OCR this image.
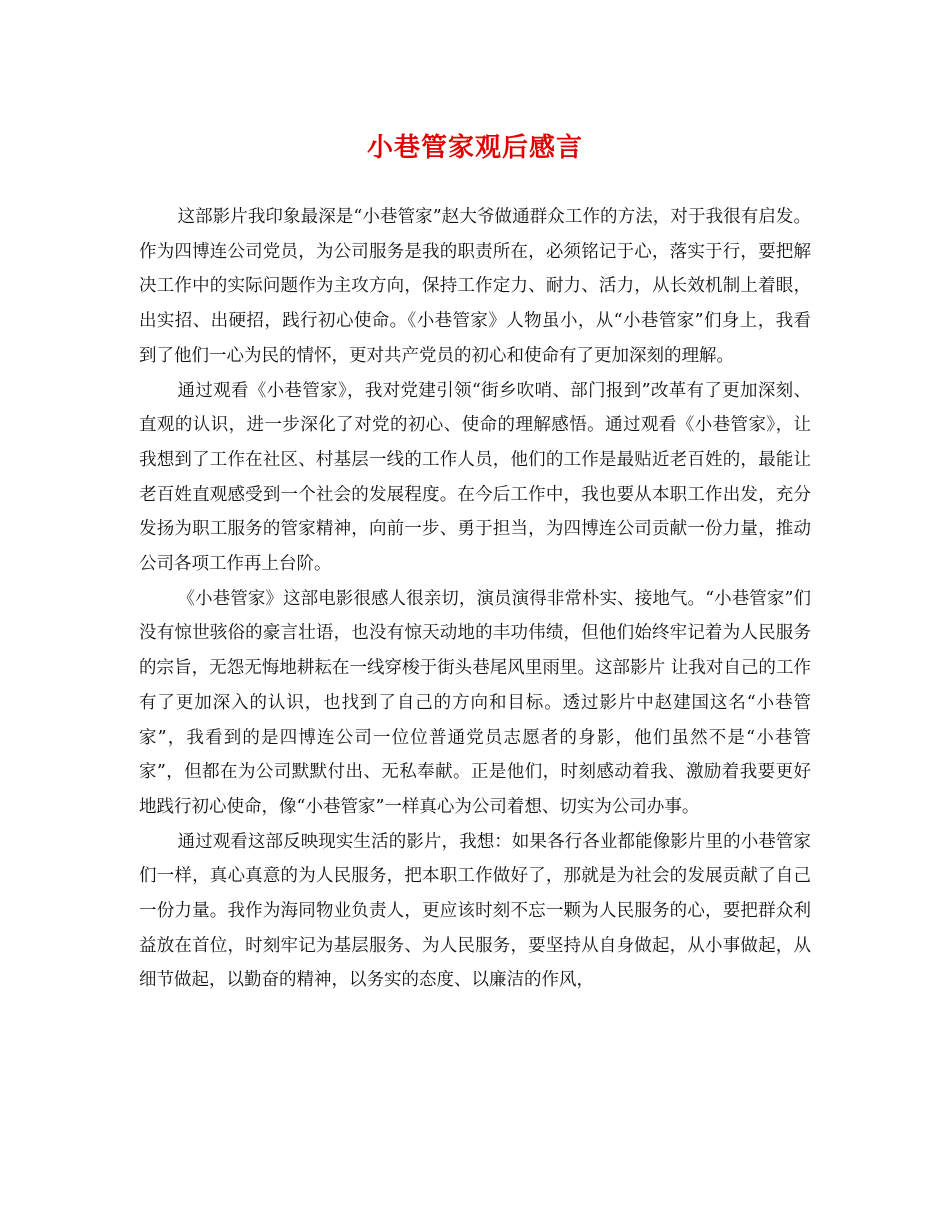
小巷管家观后感言

这部影片我印象最深是“小巷管家”赵大爷做通群众工作的方法，对于我很有启发。作为四博连公司党员，为公司服务是我的职责所在，必须铭记于心，落实于行，要把解决工作中的实际问题作为主攻方向，保持工作定力、耐力、活力，从长效机制上着眼，出实招、出硬招，践行初心使命。《小巷管家》人物虽小，从“小巷管家”们身上，我看到了他们一心为民的情怀，更对共产党员的初心和使命有了更加深刻的理解。

通过观看《小巷管家》，我对党建引领“街乡吹哨、部门报到”改革有了更加深刻、直观的认识，进一步深化了对党的初心、使命的理解感悟。通过观看《小巷管家》，让我想到了工作在社区、村基层一线的工作人员，他们的工作是最贴近老百姓的，最能让老百姓直观感受到一个社会的发展程度。在今后工作中，我也要从本职工作出发，充分发扬为职工服务的管家精神，向前一步、勇于担当，为四博连公司贡献一份力量，推动公司各项工作再上台阶。

《小巷管家》这部电影很感人很亲切，演员演得非常朴实、接地气。“小巷管家”们没有惊世骇俗的豪言壮语，也没有惊天动地的丰功伟绩，但他们始终牢记着为人民服务的宗旨，无怨无悔地耕耘在一线穿梭于街头巷尾风里雨里。这部影片 让我对自己的工作有了更加深入的认识，也找到了自己的方向和目标。透过影片中赵建国这名“小巷管家”，我看到的是四博连公司一位位普通党员志愿者的身影，他们虽然不是“小巷管家”，但都在为公司默默付出、无私奉献。正是他们，时刻感动着我、激励着我要更好地践行初心使命，像“小巷管家”一样真心为公司着想、切实为公司办事。

通过观看这部反映现实生活的影片，我想：如果各行各业都能像影片里的小巷管家们一样，真心真意的为人民服务，把本职工作做好了，那就是为社会的发展贡献了自己一份力量。我作为海同物业负责人，更应该时刻不忘一颗为人民服务的心，要把群众利益放在首位，时刻牢记为基层服务、为人民服务，要坚持从自身做起，从小事做起，从细节做起，以勤奋的精神，以务实的态度、以廉洁的作风，
